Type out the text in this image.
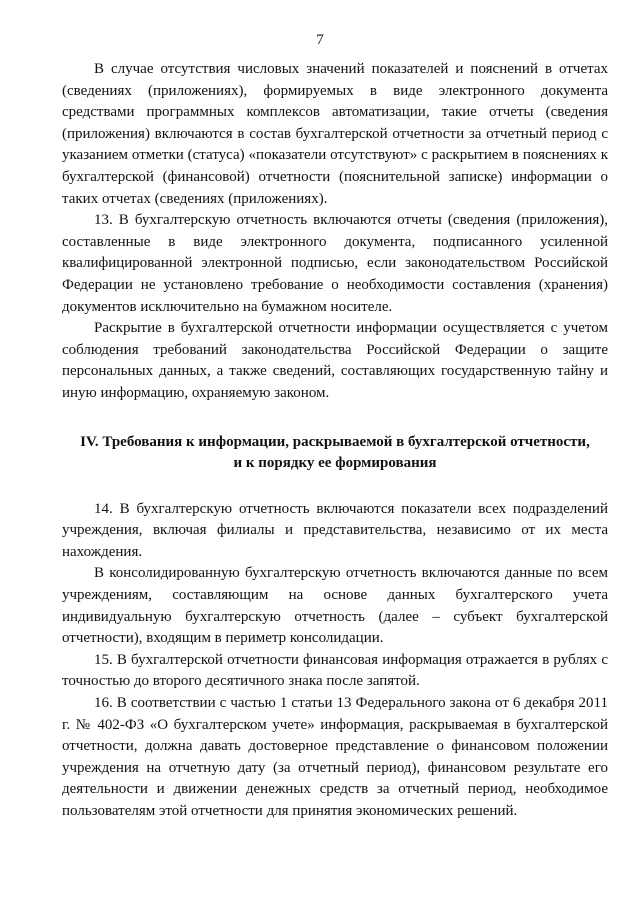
7

В случае отсутствия числовых значений показателей и пояснений в отчетах (сведениях (приложениях), формируемых в виде электронного документа средствами программных комплексов автоматизации, такие отчеты (сведения (приложения) включаются в состав бухгалтерской отчетности за отчетный период с указанием отметки (статуса) «показатели отсутствуют» с раскрытием в пояснениях к бухгалтерской (финансовой) отчетности (пояснительной записке) информации о таких отчетах (сведениях (приложениях).

13. В бухгалтерскую отчетность включаются отчеты (сведения (приложения), составленные в виде электронного документа, подписанного усиленной квалифицированной электронной подписью, если законодательством Российской Федерации не установлено требование о необходимости составления (хранения) документов исключительно на бумажном носителе.

Раскрытие в бухгалтерской отчетности информации осуществляется с учетом соблюдения требований законодательства Российской Федерации о защите персональных данных, а также сведений, составляющих государственную тайну и иную информацию, охраняемую законом.

IV. Требования к информации, раскрываемой в бухгалтерской отчетности,
и к порядку ее формирования

14. В бухгалтерскую отчетность включаются показатели всех подразделений учреждения, включая филиалы и представительства, независимо от их места нахождения.

В консолидированную бухгалтерскую отчетность включаются данные по всем учреждениям, составляющим на основе данных бухгалтерского учета индивидуальную бухгалтерскую отчетность (далее – субъект бухгалтерской отчетности), входящим в периметр консолидации.

15. В бухгалтерской отчетности финансовая информация отражается в рублях с точностью до второго десятичного знака после запятой.

16. В соответствии с частью 1 статьи 13 Федерального закона от 6 декабря 2011 г. № 402-ФЗ «О бухгалтерском учете» информация, раскрываемая в бухгалтерской отчетности, должна давать достоверное представление о финансовом положении учреждения на отчетную дату (за отчетный период), финансовом результате его деятельности и движении денежных средств за отчетный период, необходимое пользователям этой отчетности для принятия экономических решений.
